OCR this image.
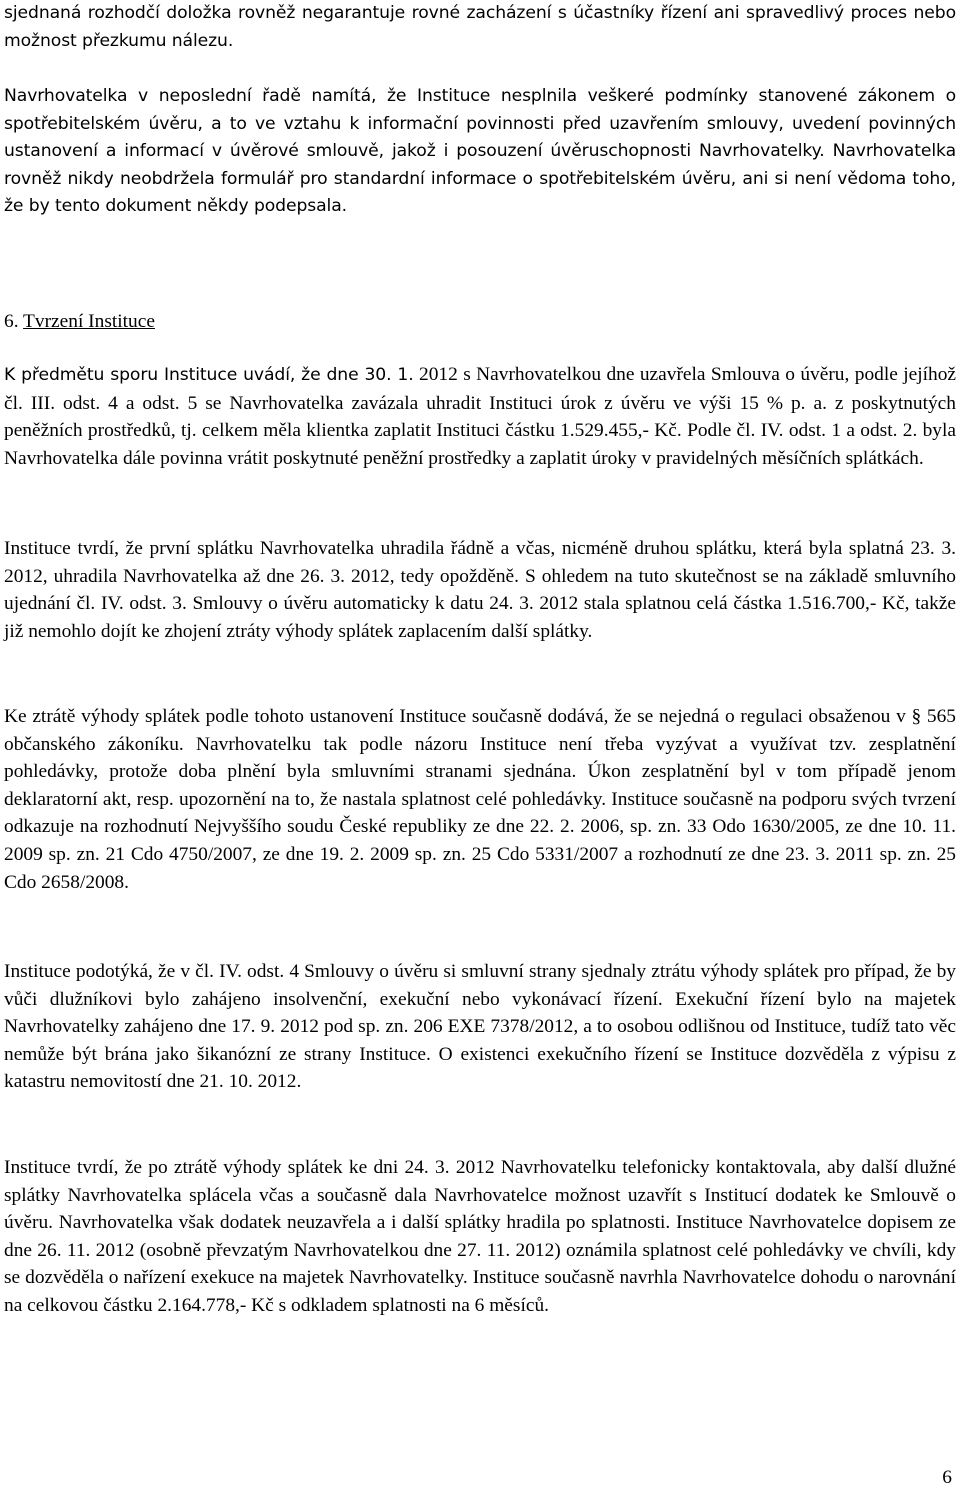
sjednaná rozhodčí doložka rovněž negarantuje rovné zacházení s účastníky řízení ani spravedlivý proces nebo možnost přezkumu nálezu.

Navrhovatelka v neposlední řadě namítá, že Instituce nesplnila veškeré podmínky stanovené zákonem o spotřebitelském úvěru, a to ve vztahu k informační povinnosti před uzavřením smlouvy, uvedení povinných ustanovení a informací v úvěrové smlouvě, jakož i posouzení úvěruschopnosti Navrhovatelky. Navrhovatelka rovněž nikdy neobdržela formulář pro standardní informace o spotřebitelském úvěru, ani si není vědoma toho, že by tento dokument někdy podepsala.

6. Tvrzení Instituce

K předmětu sporu Instituce uvádí, že dne 30. 1. 2012 s Navrhovatelkou dne uzavřela Smlouva o úvěru, podle jejíhož čl. III. odst. 4 a odst. 5 se Navrhovatelka zavázala uhradit Instituci úrok z úvěru ve výši 15 % p. a. z poskytnutých peněžních prostředků, tj. celkem měla klientka zaplatit Instituci částku 1.529.455,- Kč. Podle čl. IV. odst. 1 a odst. 2. byla Navrhovatelka dále povinna vrátit poskytnuté peněžní prostředky a zaplatit úroky v pravidelných měsíčních splátkách.

Instituce tvrdí, že první splátku Navrhovatelka uhradila řádně a včas, nicméně druhou splátku, která byla splatná 23. 3. 2012, uhradila Navrhovatelka až dne 26. 3. 2012, tedy opožděně. S ohledem na tuto skutečnost se na základě smluvního ujednání čl. IV. odst. 3. Smlouvy o úvěru automaticky k datu 24. 3. 2012 stala splatnou celá částka 1.516.700,- Kč, takže již nemohlo dojít ke zhojení ztráty výhody splátek zaplacením další splátky.

Ke ztrátě výhody splátek podle tohoto ustanovení Instituce současně dodává, že se nejedná o regulaci obsaženou v § 565 občanského zákoníku. Navrhovatelku tak podle názoru Instituce není třeba vyzývat a využívat tzv. zesplatnění pohledávky, protože doba plnění byla smluvními stranami sjednána. Úkon zesplatnění byl v tom případě jenom deklaratorní akt, resp. upozornění na to, že nastala splatnost celé pohledávky. Instituce současně na podporu svých tvrzení odkazuje na rozhodnutí Nejvyššího soudu České republiky ze dne 22. 2. 2006, sp. zn. 33 Odo 1630/2005, ze dne 10. 11. 2009 sp. zn. 21 Cdo 4750/2007, ze dne 19. 2. 2009 sp. zn. 25 Cdo 5331/2007 a rozhodnutí ze dne 23. 3. 2011 sp. zn. 25 Cdo 2658/2008.

Instituce podotýká, že v čl. IV. odst. 4 Smlouvy o úvěru si smluvní strany sjednaly ztrátu výhody splátek pro případ, že by vůči dlužníkovi bylo zahájeno insolvenční, exekuční nebo vykonávací řízení. Exekuční řízení bylo na majetek Navrhovatelky zahájeno dne 17. 9. 2012 pod sp. zn. 206 EXE 7378/2012, a to osobou odlišnou od Instituce, tudíž tato věc nemůže být brána jako šikanózní ze strany Instituce. O existenci exekučního řízení se Instituce dozvěděla z výpisu z katastru nemovitostí dne 21. 10. 2012.

Instituce tvrdí, že po ztrátě výhody splátek ke dni 24. 3. 2012 Navrhovatelku telefonicky kontaktovala, aby další dlužné splátky Navrhovatelka splácela včas a současně dala Navrhovatelce možnost uzavřít s Institucí dodatek ke Smlouvě o úvěru. Navrhovatelka však dodatek neuzavřela a i další splátky hradila po splatnosti. Instituce Navrhovatelce dopisem ze dne 26. 11. 2012 (osobně převzatým Navrhovatelkou dne 27. 11. 2012) oznámila splatnost celé pohledávky ve chvíli, kdy se dozvěděla o nařízení exekuce na majetek Navrhovatelky. Instituce současně navrhla Navrhovatelce dohodu o narovnání na celkovou částku 2.164.778,- Kč s odkladem splatnosti na 6 měsíců.

6
